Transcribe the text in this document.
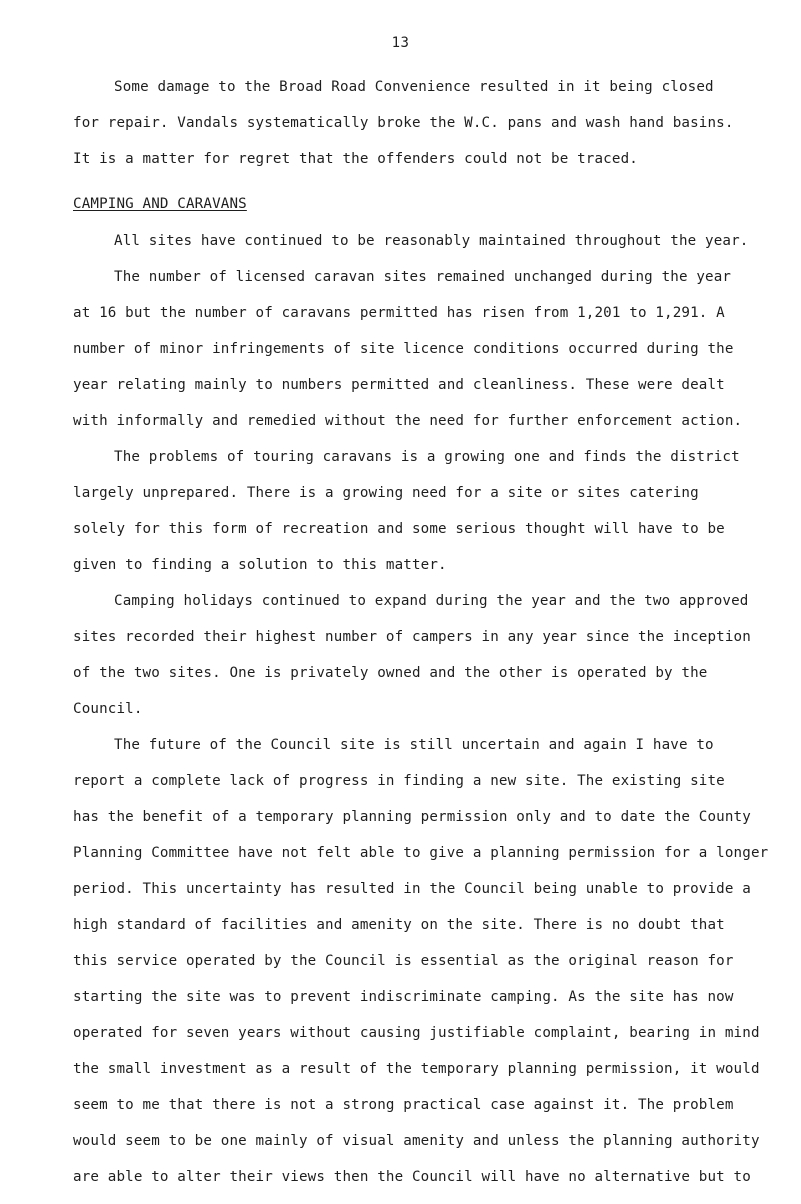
13
Some damage to the Broad Road Convenience resulted in it being closed
for repair. Vandals systematically broke the W.C. pans and wash hand basins.
It is a matter for regret that the offenders could not be traced.
CAMPING AND CARAVANS
All sites have continued to be reasonably maintained throughout the year.
The number of licensed caravan sites remained unchanged during the year
at 16 but the number of caravans permitted has risen from 1,201 to 1,291. A
number of minor infringements of site licence conditions occurred during the
year relating mainly to numbers permitted and cleanliness. These were dealt
with informally and remedied without the need for further enforcement action.
The problems of touring caravans is a growing one and finds the district
largely unprepared. There is a growing need for a site or sites catering
solely for this form of recreation and some serious thought will have to be
given to finding a solution to this matter.
Camping holidays continued to expand during the year and the two approved
sites recorded their highest number of campers in any year since the inception
of the two sites. One is privately owned and the other is operated by the
Council.
The future of the Council site is still uncertain and again I have to
report a complete lack of progress in finding a new site. The existing site
has the benefit of a temporary planning permission only and to date the County
Planning Committee have not felt able to give a planning permission for a longer
period. This uncertainty has resulted in the Council being unable to provide a
high standard of facilities and amenity on the site. There is no doubt that
this service operated by the Council is essential as the original reason for
starting the site was to prevent indiscriminate camping. As the site has now
operated for seven years without causing justifiable complaint, bearing in mind
the small investment as a result of the temporary planning permission, it would
seem to me that there is not a strong practical case against it. The problem
would seem to be one mainly of visual amenity and unless the planning authority
are able to alter their views then the Council will have no alternative but to
